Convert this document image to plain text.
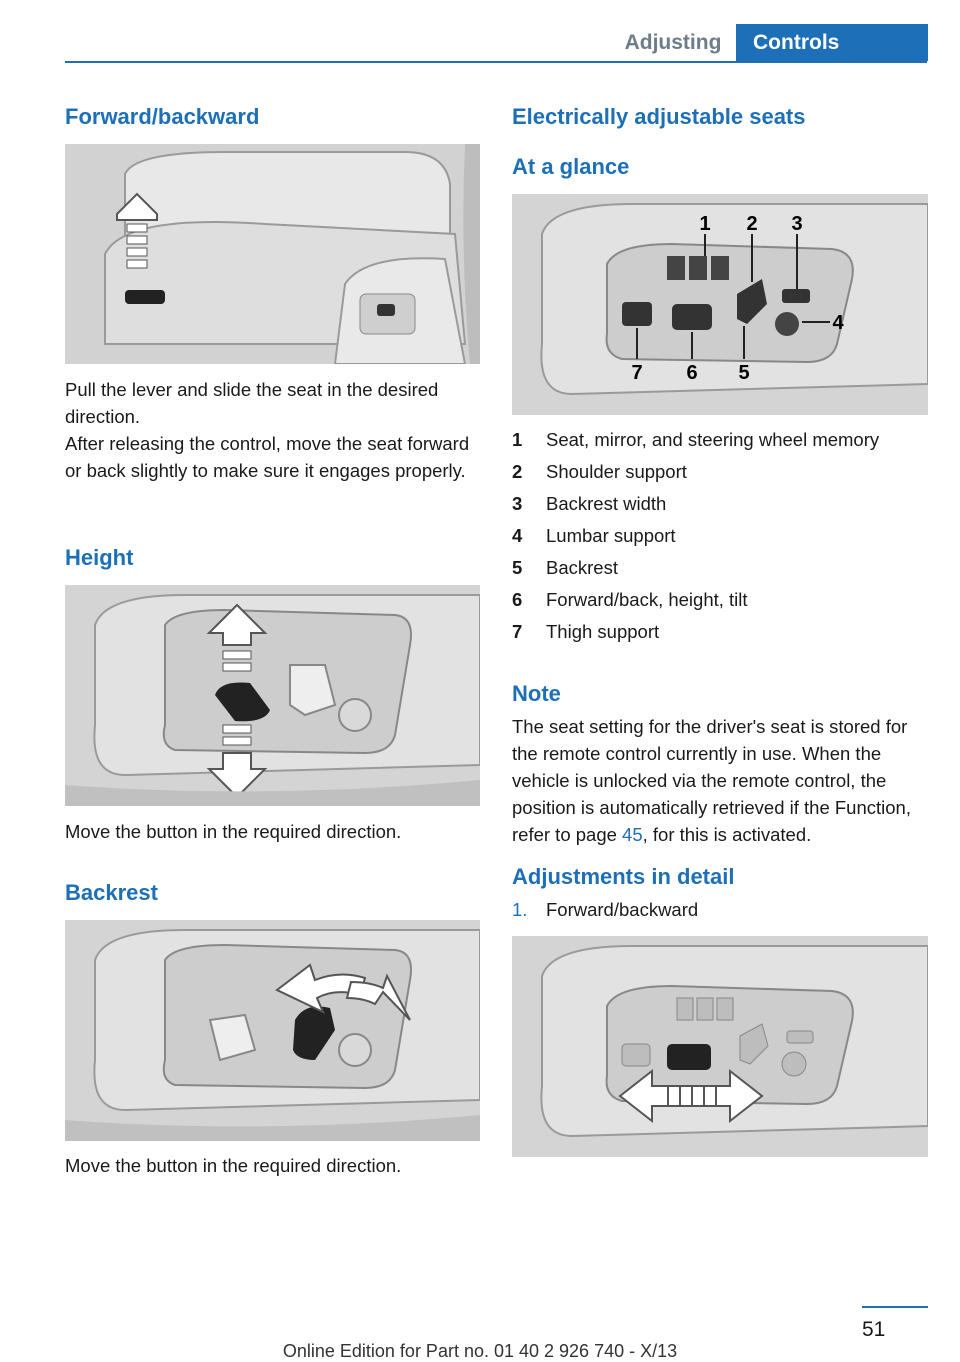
Adjusting	Controls
Forward/backward

Pull the lever and slide the seat in the desired direction.

After releasing the control, move the seat forward or back slightly to make sure it engages properly.

Height

Move the button in the required direction.

Backrest

Move the button in the required direction.

Electrically adjustable seats
At a glance
1 2 3
4
5
6
7
1 Seat, mirror, and steering wheel memory
2 Shoulder support
3 Backrest width
4 Lumbar support
5 Backrest
6 Forward/back, height, tilt
7 Thigh support
Note

The seat setting for the driver's seat is stored for the remote control currently in use. When the vehicle is unlocked via the remote control, the position is automatically retrieved if the Function, refer to page 45, for this is activated.

Adjustments in detail
1. Forward/backward
51
Online Edition for Part no. 01 40 2 926 740 - X/13
